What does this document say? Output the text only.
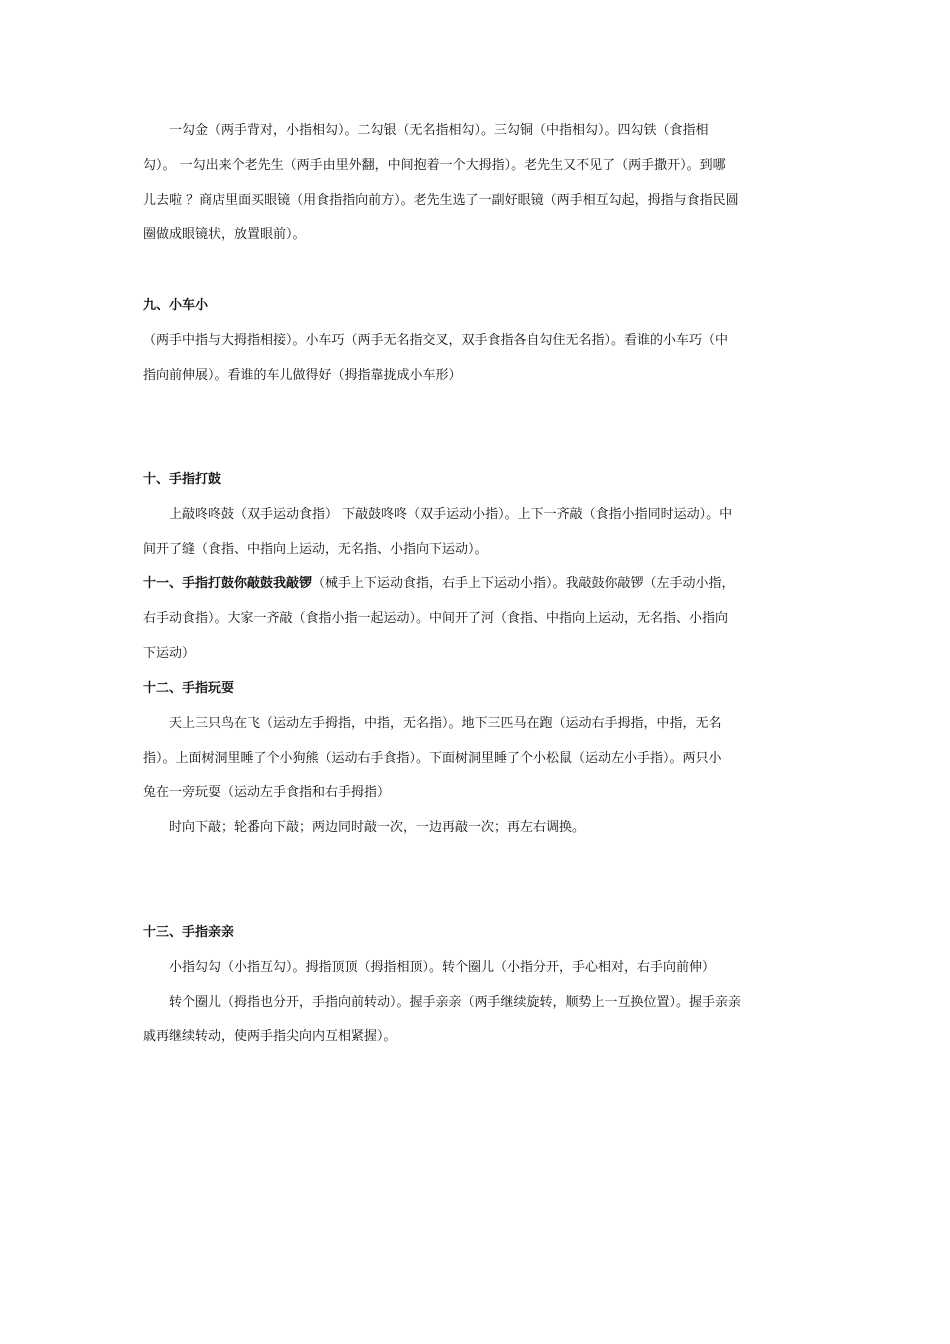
一勾金（两手背对，小指相勾）。二勾银（无名指相勾）。三勾铜（中指相勾）。四勾铁（食指相
勾）。 一勾出来个老先生（两手由里外翻，中间抱着一个大拇指）。老先生又不见了（两手撒开）。到哪
儿去啦 ？商店里面买眼镜（用食指指向前方）。老先生选了一副好眼镜（两手相互勾起，拇指与食指民圆
圈做成眼镜状，放置眼前）。
九、小车小
（两手中指与大拇指相接）。小车巧（两手无名指交叉，双手食指各自勾住无名指）。看谁的小车巧（中
指向前伸展）。看谁的车儿做得好（拇指靠拢成小车形）
十、手指打鼓
上敲咚咚鼓（双手运动食指） 下敲鼓咚咚（双手运动小指）。上下一齐敲（食指小指同时运动）。中
间开了缝（食指、中指向上运动，无名指、小指向下运动）。
十一、手指打鼓你敲鼓我敲锣（械手上下运动食指，右手上下运动小指）。我敲鼓你敲锣（左手动小指，
右手动食指）。大家一齐敲（食指小指一起运动）。中间开了河（食指、中指向上运动，无名指、小指向
下运动）
十二、手指玩耍
天上三只鸟在飞（运动左手拇指，中指，无名指）。地下三匹马在跑（运动右手拇指，中指，无名
指）。上面树洞里睡了个小狗熊（运动右手食指）。下面树洞里睡了个小松鼠（运动左小手指）。两只小
兔在一旁玩耍（运动左手食指和右手拇指）
时向下敲；轮番向下敲；两边同时敲一次，一边再敲一次；再左右调换。
十三、手指亲亲
小指勾勾（小指互勾）。拇指顶顶（拇指相顶）。转个圈儿（小指分开，手心相对，右手向前伸）
转个圈儿（拇指也分开，手指向前转动）。握手亲亲（两手继续旋转，顺势上一互换位置）。握手亲亲
戚再继续转动，使两手指尖向内互相紧握）。
